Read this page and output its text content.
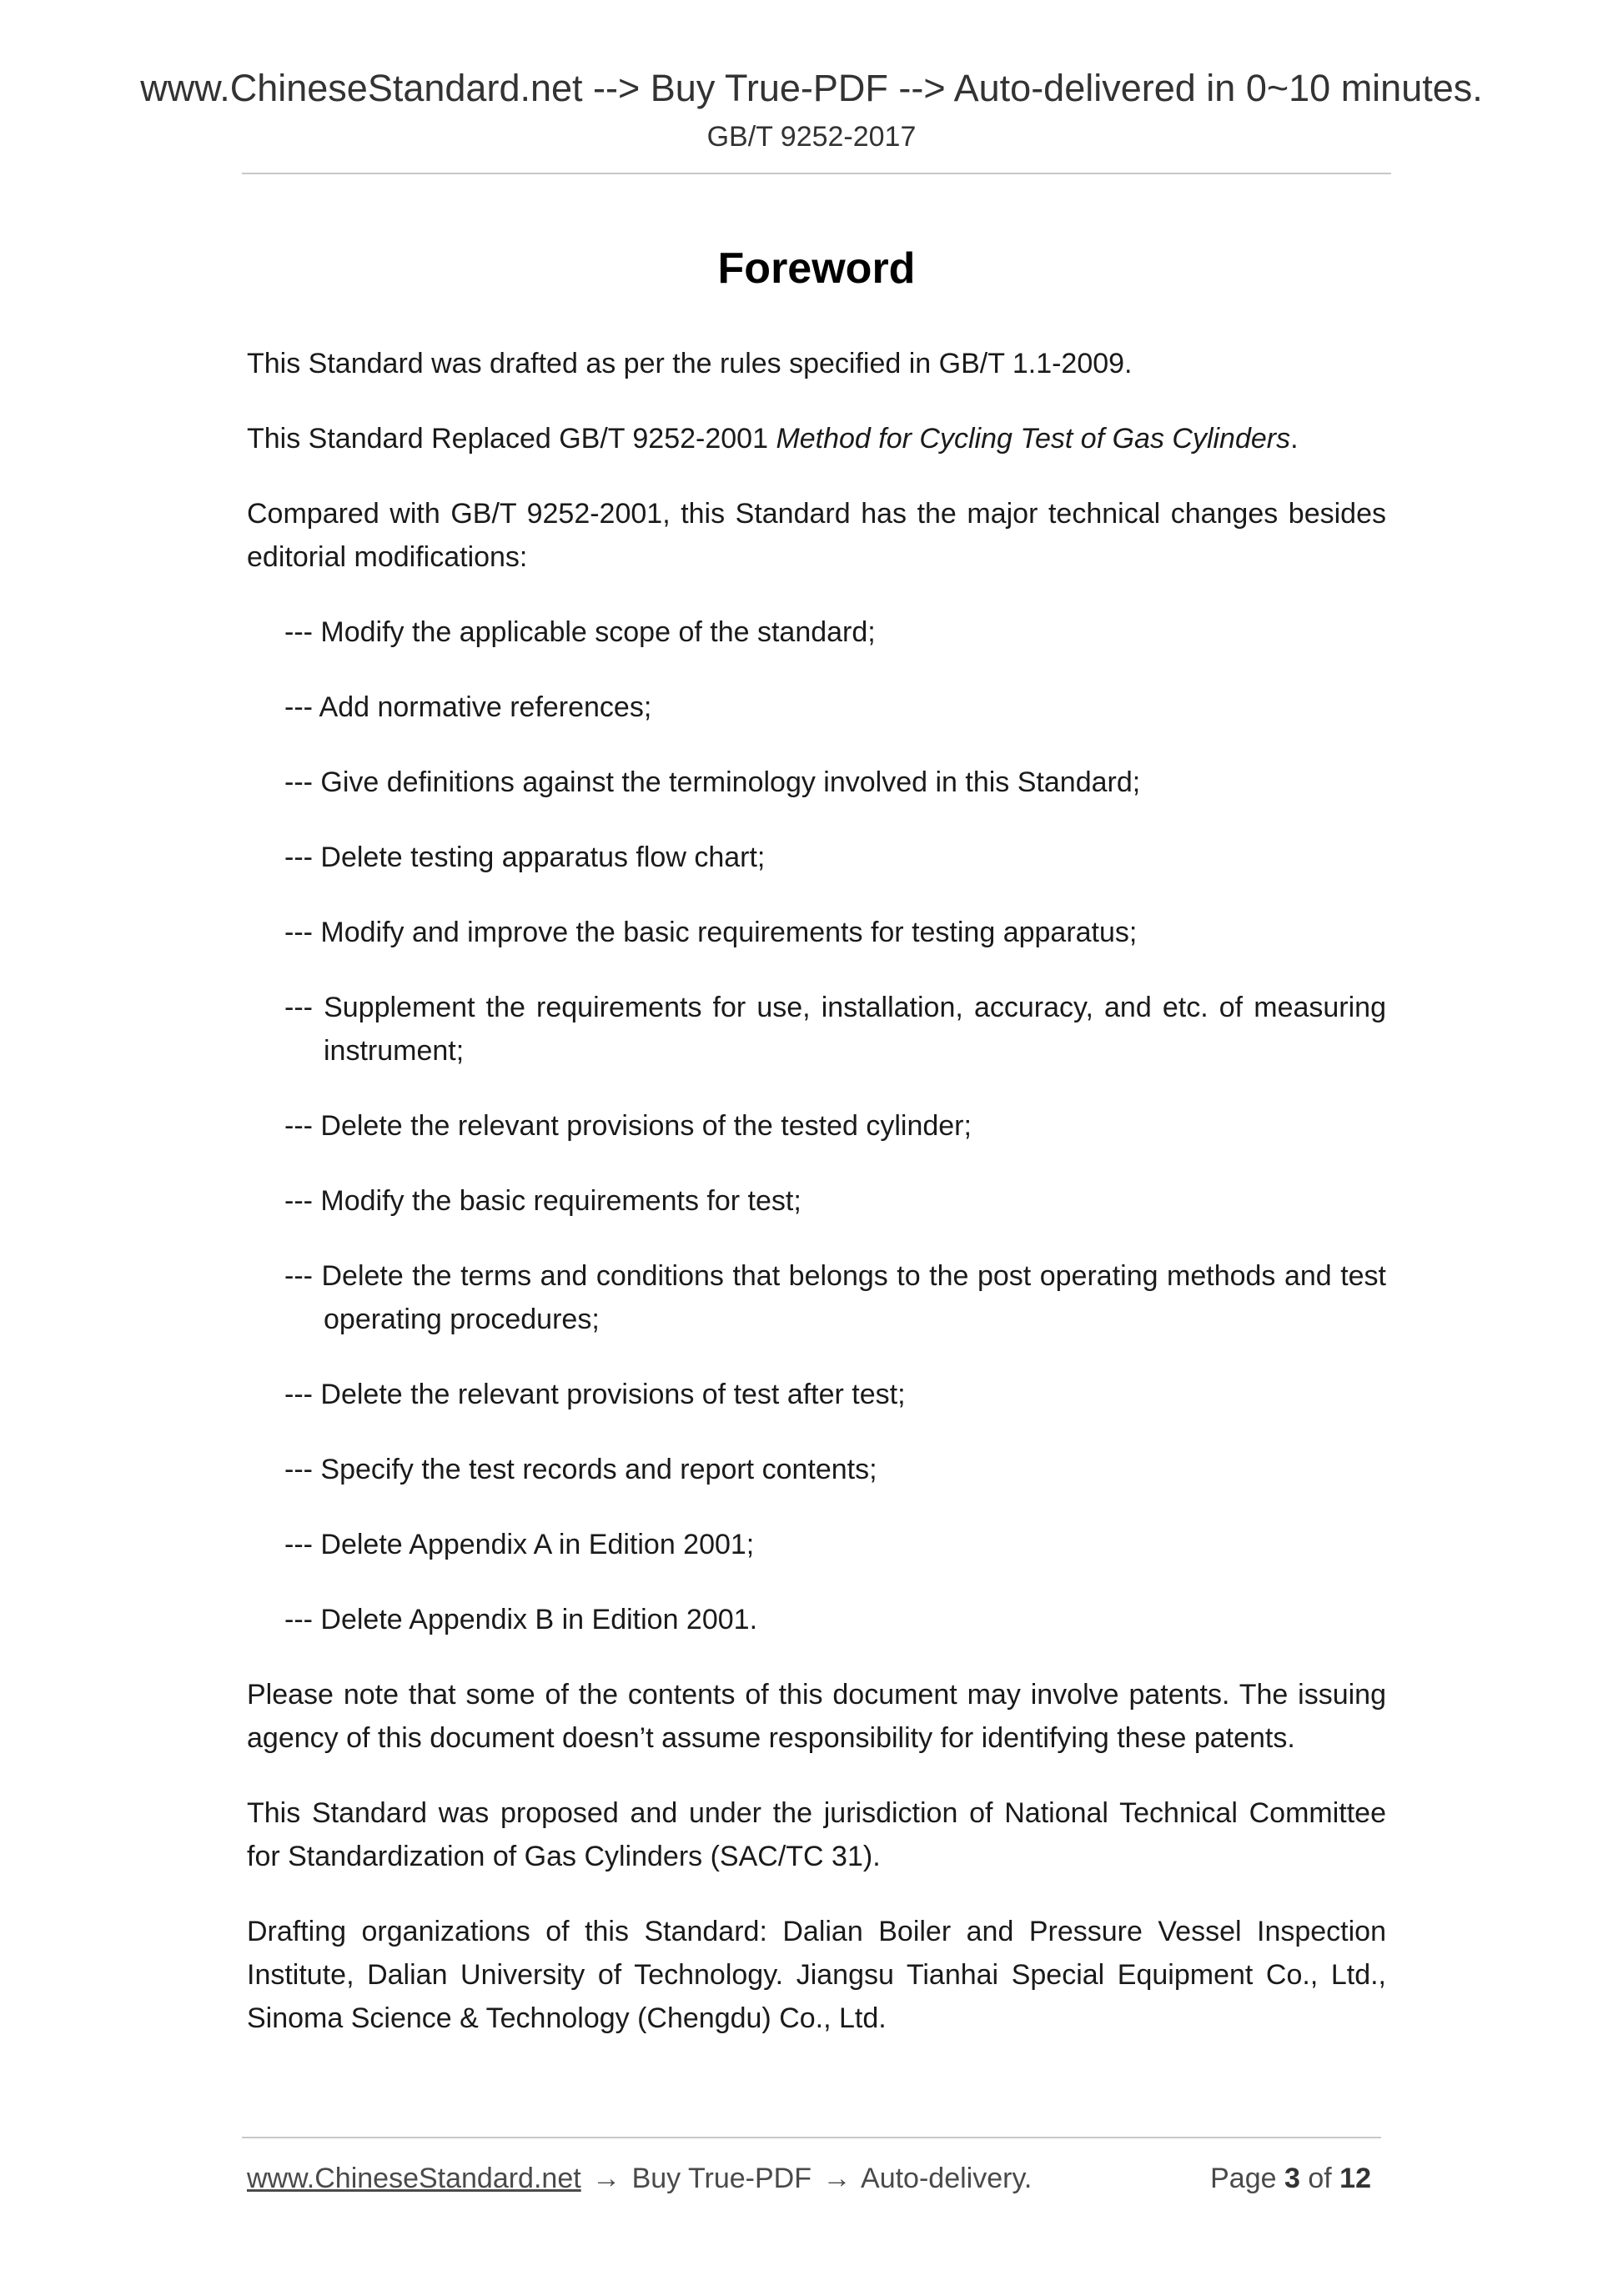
www.ChineseStandard.net --> Buy True-PDF --> Auto-delivered in 0~10 minutes.
GB/T 9252-2017
Foreword

This Standard was drafted as per the rules specified in GB/T 1.1-2009.

This Standard Replaced GB/T 9252-2001 Method for Cycling Test of Gas Cylinders.

Compared with GB/T 9252-2001, this Standard has the major technical changes besides editorial modifications:

--- Modify the applicable scope of the standard;
--- Add normative references;
--- Give definitions against the terminology involved in this Standard;
--- Delete testing apparatus flow chart;
--- Modify and improve the basic requirements for testing apparatus;
--- Supplement the requirements for use, installation, accuracy, and etc. of measuring instrument;
--- Delete the relevant provisions of the tested cylinder;
--- Modify the basic requirements for test;
--- Delete the terms and conditions that belongs to the post operating methods and test operating procedures;
--- Delete the relevant provisions of test after test;
--- Specify the test records and report contents;
--- Delete Appendix A in Edition 2001;
--- Delete Appendix B in Edition 2001.

Please note that some of the contents of this document may involve patents. The issuing agency of this document doesn’t assume responsibility for identifying these patents.

This Standard was proposed and under the jurisdiction of National Technical Committee for Standardization of Gas Cylinders (SAC/TC 31).

Drafting organizations of this Standard: Dalian Boiler and Pressure Vessel Inspection Institute, Dalian University of Technology. Jiangsu Tianhai Special Equipment Co., Ltd., Sinoma Science & Technology (Chengdu) Co., Ltd.

www.ChineseStandard.net → Buy True-PDF → Auto-delivery.	Page 3 of 12
